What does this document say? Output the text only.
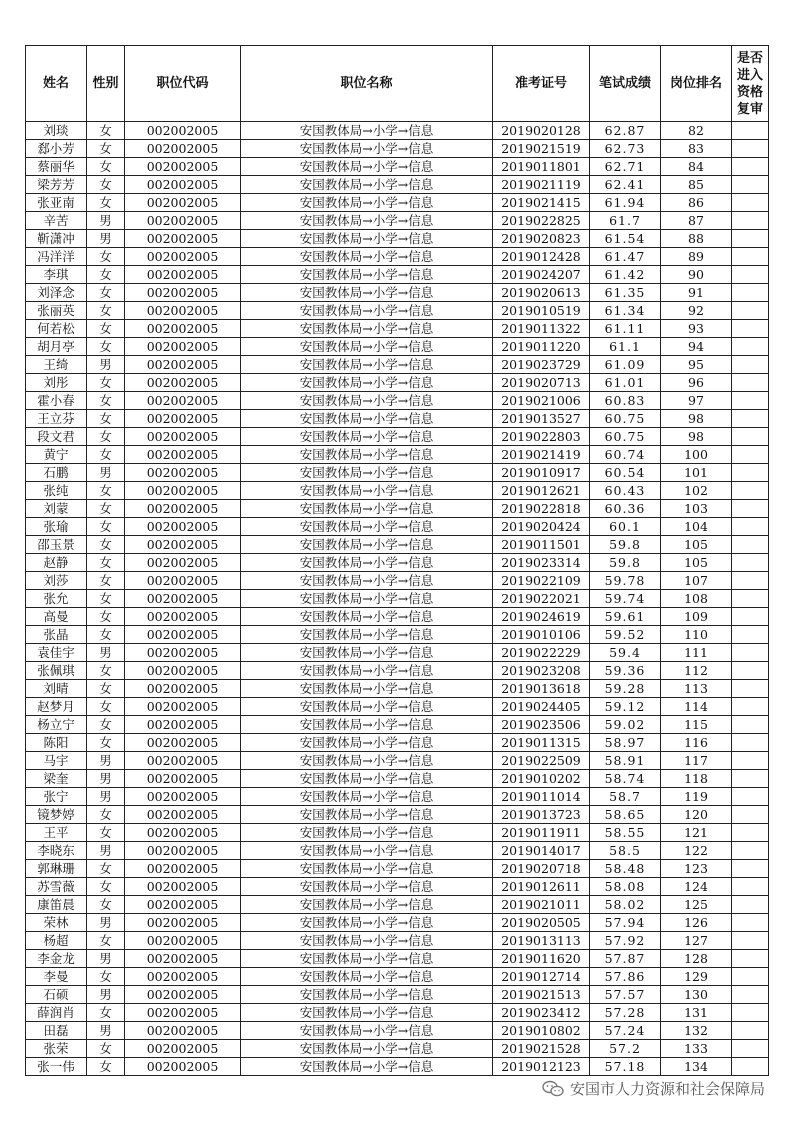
姓名	性别	职位代码	职位名称	准考证号	笔试成绩	岗位排名	是否进入资格复审
刘琰	女	002002005	安国教体局→小学→信息	2019020128	62.87	82	
郄小芳	女	002002005	安国教体局→小学→信息	2019021519	62.73	83	
蔡丽华	女	002002005	安国教体局→小学→信息	2019011801	62.71	84	
梁芳芳	女	002002005	安国教体局→小学→信息	2019021119	62.41	85	
张亚南	女	002002005	安国教体局→小学→信息	2019021415	61.94	86	
辛苦	男	002002005	安国教体局→小学→信息	2019022825	61.7	87	
靳潇冲	男	002002005	安国教体局→小学→信息	2019020823	61.54	88	
冯洋洋	女	002002005	安国教体局→小学→信息	2019012428	61.47	89	
李琪	女	002002005	安国教体局→小学→信息	2019024207	61.42	90	
刘泽念	女	002002005	安国教体局→小学→信息	2019020613	61.35	91	
张丽英	女	002002005	安国教体局→小学→信息	2019010519	61.34	92	
何若松	女	002002005	安国教体局→小学→信息	2019011322	61.11	93	
胡月亭	女	002002005	安国教体局→小学→信息	2019011220	61.1	94	
王绮	男	002002005	安国教体局→小学→信息	2019023729	61.09	95	
刘彤	女	002002005	安国教体局→小学→信息	2019020713	61.01	96	
霍小春	女	002002005	安国教体局→小学→信息	2019021006	60.83	97	
王立芬	女	002002005	安国教体局→小学→信息	2019013527	60.75	98	
段文君	女	002002005	安国教体局→小学→信息	2019022803	60.75	98	
黄宁	女	002002005	安国教体局→小学→信息	2019021419	60.74	100	
石鹏	男	002002005	安国教体局→小学→信息	2019010917	60.54	101	
张纯	女	002002005	安国教体局→小学→信息	2019012621	60.43	102	
刘蒙	女	002002005	安国教体局→小学→信息	2019022818	60.36	103	
张瑜	女	002002005	安国教体局→小学→信息	2019020424	60.1	104	
邵玉景	女	002002005	安国教体局→小学→信息	2019011501	59.8	105	
赵静	女	002002005	安国教体局→小学→信息	2019023314	59.8	105	
刘莎	女	002002005	安国教体局→小学→信息	2019022109	59.78	107	
张允	女	002002005	安国教体局→小学→信息	2019022021	59.74	108	
高曼	女	002002005	安国教体局→小学→信息	2019024619	59.61	109	
张晶	女	002002005	安国教体局→小学→信息	2019010106	59.52	110	
袁佳宇	男	002002005	安国教体局→小学→信息	2019022229	59.4	111	
张佩琪	女	002002005	安国教体局→小学→信息	2019023208	59.36	112	
刘晴	女	002002005	安国教体局→小学→信息	2019013618	59.28	113	
赵梦月	女	002002005	安国教体局→小学→信息	2019024405	59.12	114	
杨立宁	女	002002005	安国教体局→小学→信息	2019023506	59.02	115	
陈阳	女	002002005	安国教体局→小学→信息	2019011315	58.97	116	
马宇	男	002002005	安国教体局→小学→信息	2019022509	58.91	117	
梁奎	男	002002005	安国教体局→小学→信息	2019010202	58.74	118	
张宁	男	002002005	安国教体局→小学→信息	2019011014	58.7	119	
镜梦婷	女	002002005	安国教体局→小学→信息	2019013723	58.65	120	
王平	女	002002005	安国教体局→小学→信息	2019011911	58.55	121	
李晓东	男	002002005	安国教体局→小学→信息	2019014017	58.5	122	
郭琳珊	女	002002005	安国教体局→小学→信息	2019020718	58.48	123	
苏雪薇	女	002002005	安国教体局→小学→信息	2019012611	58.08	124	
康笛晨	女	002002005	安国教体局→小学→信息	2019021011	58.02	125	
荣林	男	002002005	安国教体局→小学→信息	2019020505	57.94	126	
杨超	女	002002005	安国教体局→小学→信息	2019013113	57.92	127	
李金龙	男	002002005	安国教体局→小学→信息	2019011620	57.87	128	
李曼	女	002002005	安国教体局→小学→信息	2019012714	57.86	129	
石硕	男	002002005	安国教体局→小学→信息	2019021513	57.57	130	
薛润肖	女	002002005	安国教体局→小学→信息	2019023412	57.28	131	
田磊	男	002002005	安国教体局→小学→信息	2019010802	57.24	132	
张荣	女	002002005	安国教体局→小学→信息	2019021528	57.2	133	
张一伟	女	002002005	安国教体局→小学→信息	2019012123	57.18	134	
安国市人力资源和社会保障局
